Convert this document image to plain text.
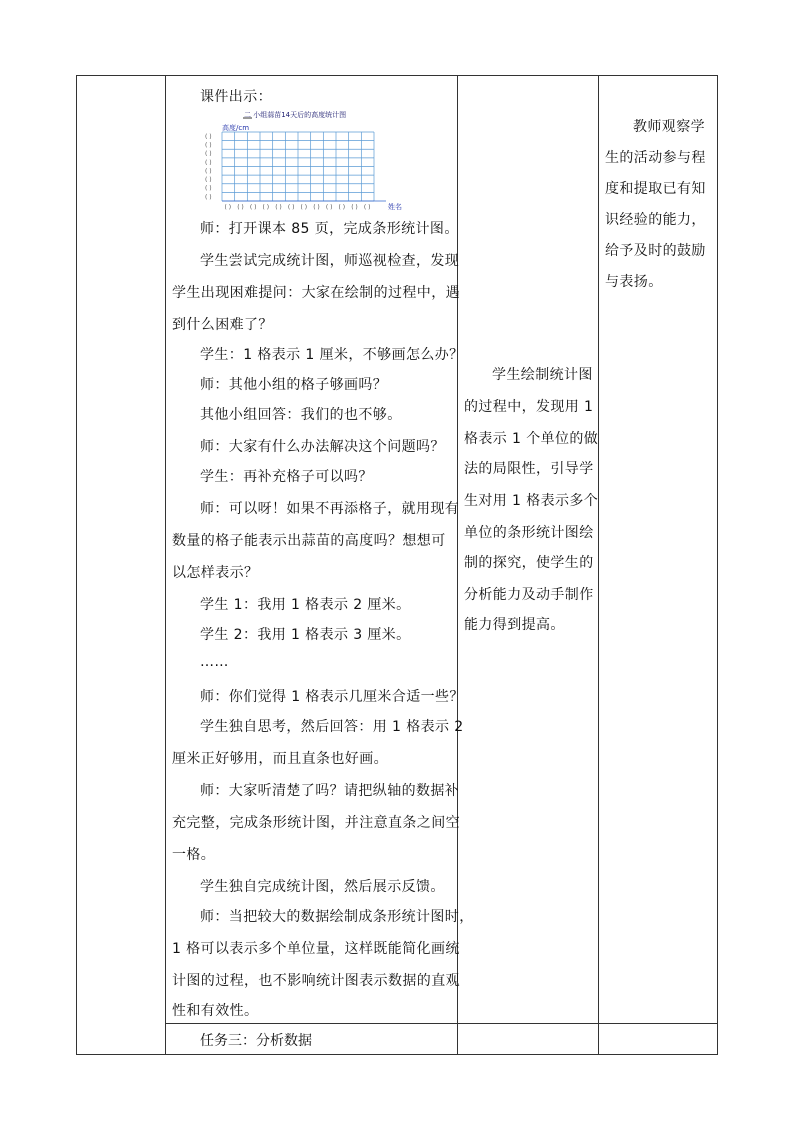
课件出示：

师：打开课本 85 页，完成条形统计图。

学生尝试完成统计图，师巡视检查，发现

学生出现困难提问：大家在绘制的过程中，遇

到什么困难了？

学生：1 格表示 1 厘米，不够画怎么办？

师：其他小组的格子够画吗？

其他小组回答：我们的也不够。

师：大家有什么办法解决这个问题吗？

学生：再补充格子可以吗？

师：可以呀！如果不再添格子，就用现有

数量的格子能表示出蒜苗的高度吗？想想可

以怎样表示？

学生 1：我用 1 格表示 2 厘米。

学生 2：我用 1 格表示 3 厘米。

……

师：你们觉得 1 格表示几厘米合适一些？

学生独自思考，然后回答：用 1 格表示 2

厘米正好够用，而且直条也好画。

师：大家听清楚了吗？请把纵轴的数据补

充完整，完成条形统计图，并注意直条之间空

一格。

学生独自完成统计图，然后展示反馈。

师：当把较大的数据绘制成条形统计图时，

1 格可以表示多个单位量，这样既能简化画统

计图的过程，也不影响统计图表示数据的直观

性和有效性。

任务三：分析数据
二 小组蒜苗14天后的高度统计图
高度/cm
( )
( )
( )
( )
( )
( )
( )
( )
( ) ( ) ( ) ( ) ( ) ( ) ( ) ( ) ( ) ( ) ( ) ( )	姓名

学生绘制统计图

的过程中，发现用 1

格表示 1 个单位的做

法的局限性，引导学

生对用 1 格表示多个

单位的条形统计图绘

制的探究，使学生的

分析能力及动手制作

能力得到提高。

教师观察学

生的活动参与程

度和提取已有知

识经验的能力，

给予及时的鼓励

与表扬。
